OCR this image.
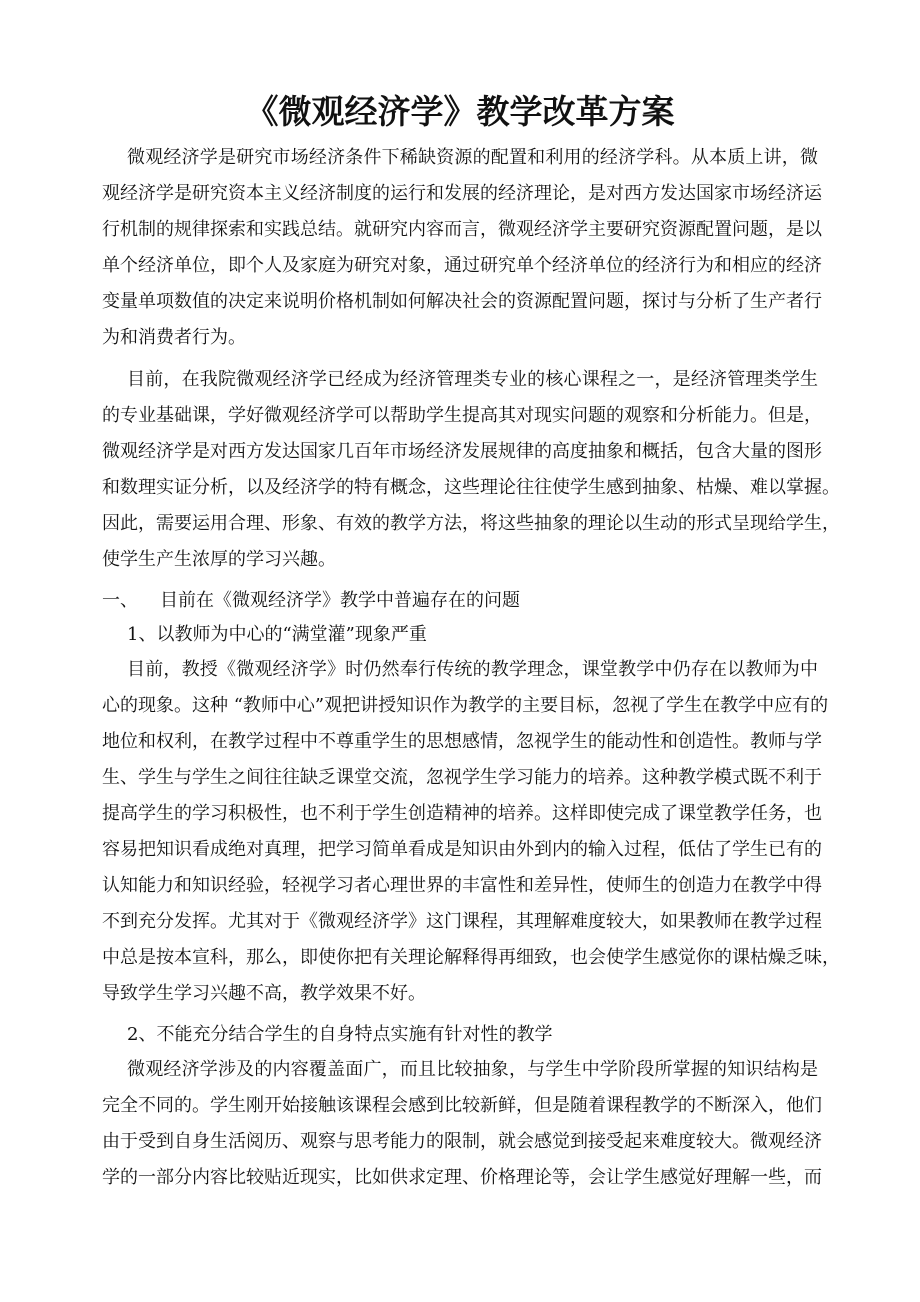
《微观经济学》教学改革方案
微观经济学是研究市场经济条件下稀缺资源的配置和利用的经济学科。从本质上讲，微
观经济学是研究资本主义经济制度的运行和发展的经济理论，是对西方发达国家市场经济运
行机制的规律探索和实践总结。就研究内容而言，微观经济学主要研究资源配置问题，是以
单个经济单位，即个人及家庭为研究对象，通过研究单个经济单位的经济行为和相应的经济
变量单项数值的决定来说明价格机制如何解决社会的资源配置问题，探讨与分析了生产者行
为和消费者行为。
目前，在我院微观经济学已经成为经济管理类专业的核心课程之一，是经济管理类学生
的专业基础课，学好微观经济学可以帮助学生提高其对现实问题的观察和分析能力。但是，
微观经济学是对西方发达国家几百年市场经济发展规律的高度抽象和概括，包含大量的图形
和数理实证分析，以及经济学的特有概念，这些理论往往使学生感到抽象、枯燥、难以掌握。
因此，需要运用合理、形象、有效的教学方法，将这些抽象的理论以生动的形式呈现给学生，
使学生产生浓厚的学习兴趣。
一、 目前在《微观经济学》教学中普遍存在的问题
1、以教师为中心的“满堂灌”现象严重
目前，教授《微观经济学》时仍然奉行传统的教学理念，课堂教学中仍存在以教师为中
心的现象。这种 “教师中心”观把讲授知识作为教学的主要目标，忽视了学生在教学中应有的
地位和权利，在教学过程中不尊重学生的思想感情，忽视学生的能动性和创造性。教师与学
生、学生与学生之间往往缺乏课堂交流，忽视学生学习能力的培养。这种教学模式既不利于
提高学生的学习积极性，也不利于学生创造精神的培养。这样即使完成了课堂教学任务，也
容易把知识看成绝对真理，把学习简单看成是知识由外到内的输入过程，低估了学生已有的
认知能力和知识经验，轻视学习者心理世界的丰富性和差异性，使师生的创造力在教学中得
不到充分发挥。尤其对于《微观经济学》这门课程，其理解难度较大，如果教师在教学过程
中总是按本宣科，那么，即使你把有关理论解释得再细致，也会使学生感觉你的课枯燥乏味，
导致学生学习兴趣不高，教学效果不好。
2、不能充分结合学生的自身特点实施有针对性的教学
微观经济学涉及的内容覆盖面广，而且比较抽象，与学生中学阶段所掌握的知识结构是
完全不同的。学生刚开始接触该课程会感到比较新鲜，但是随着课程教学的不断深入，他们
由于受到自身生活阅历、观察与思考能力的限制，就会感觉到接受起来难度较大。微观经济
学的一部分内容比较贴近现实，比如供求定理、价格理论等，会让学生感觉好理解一些，而
